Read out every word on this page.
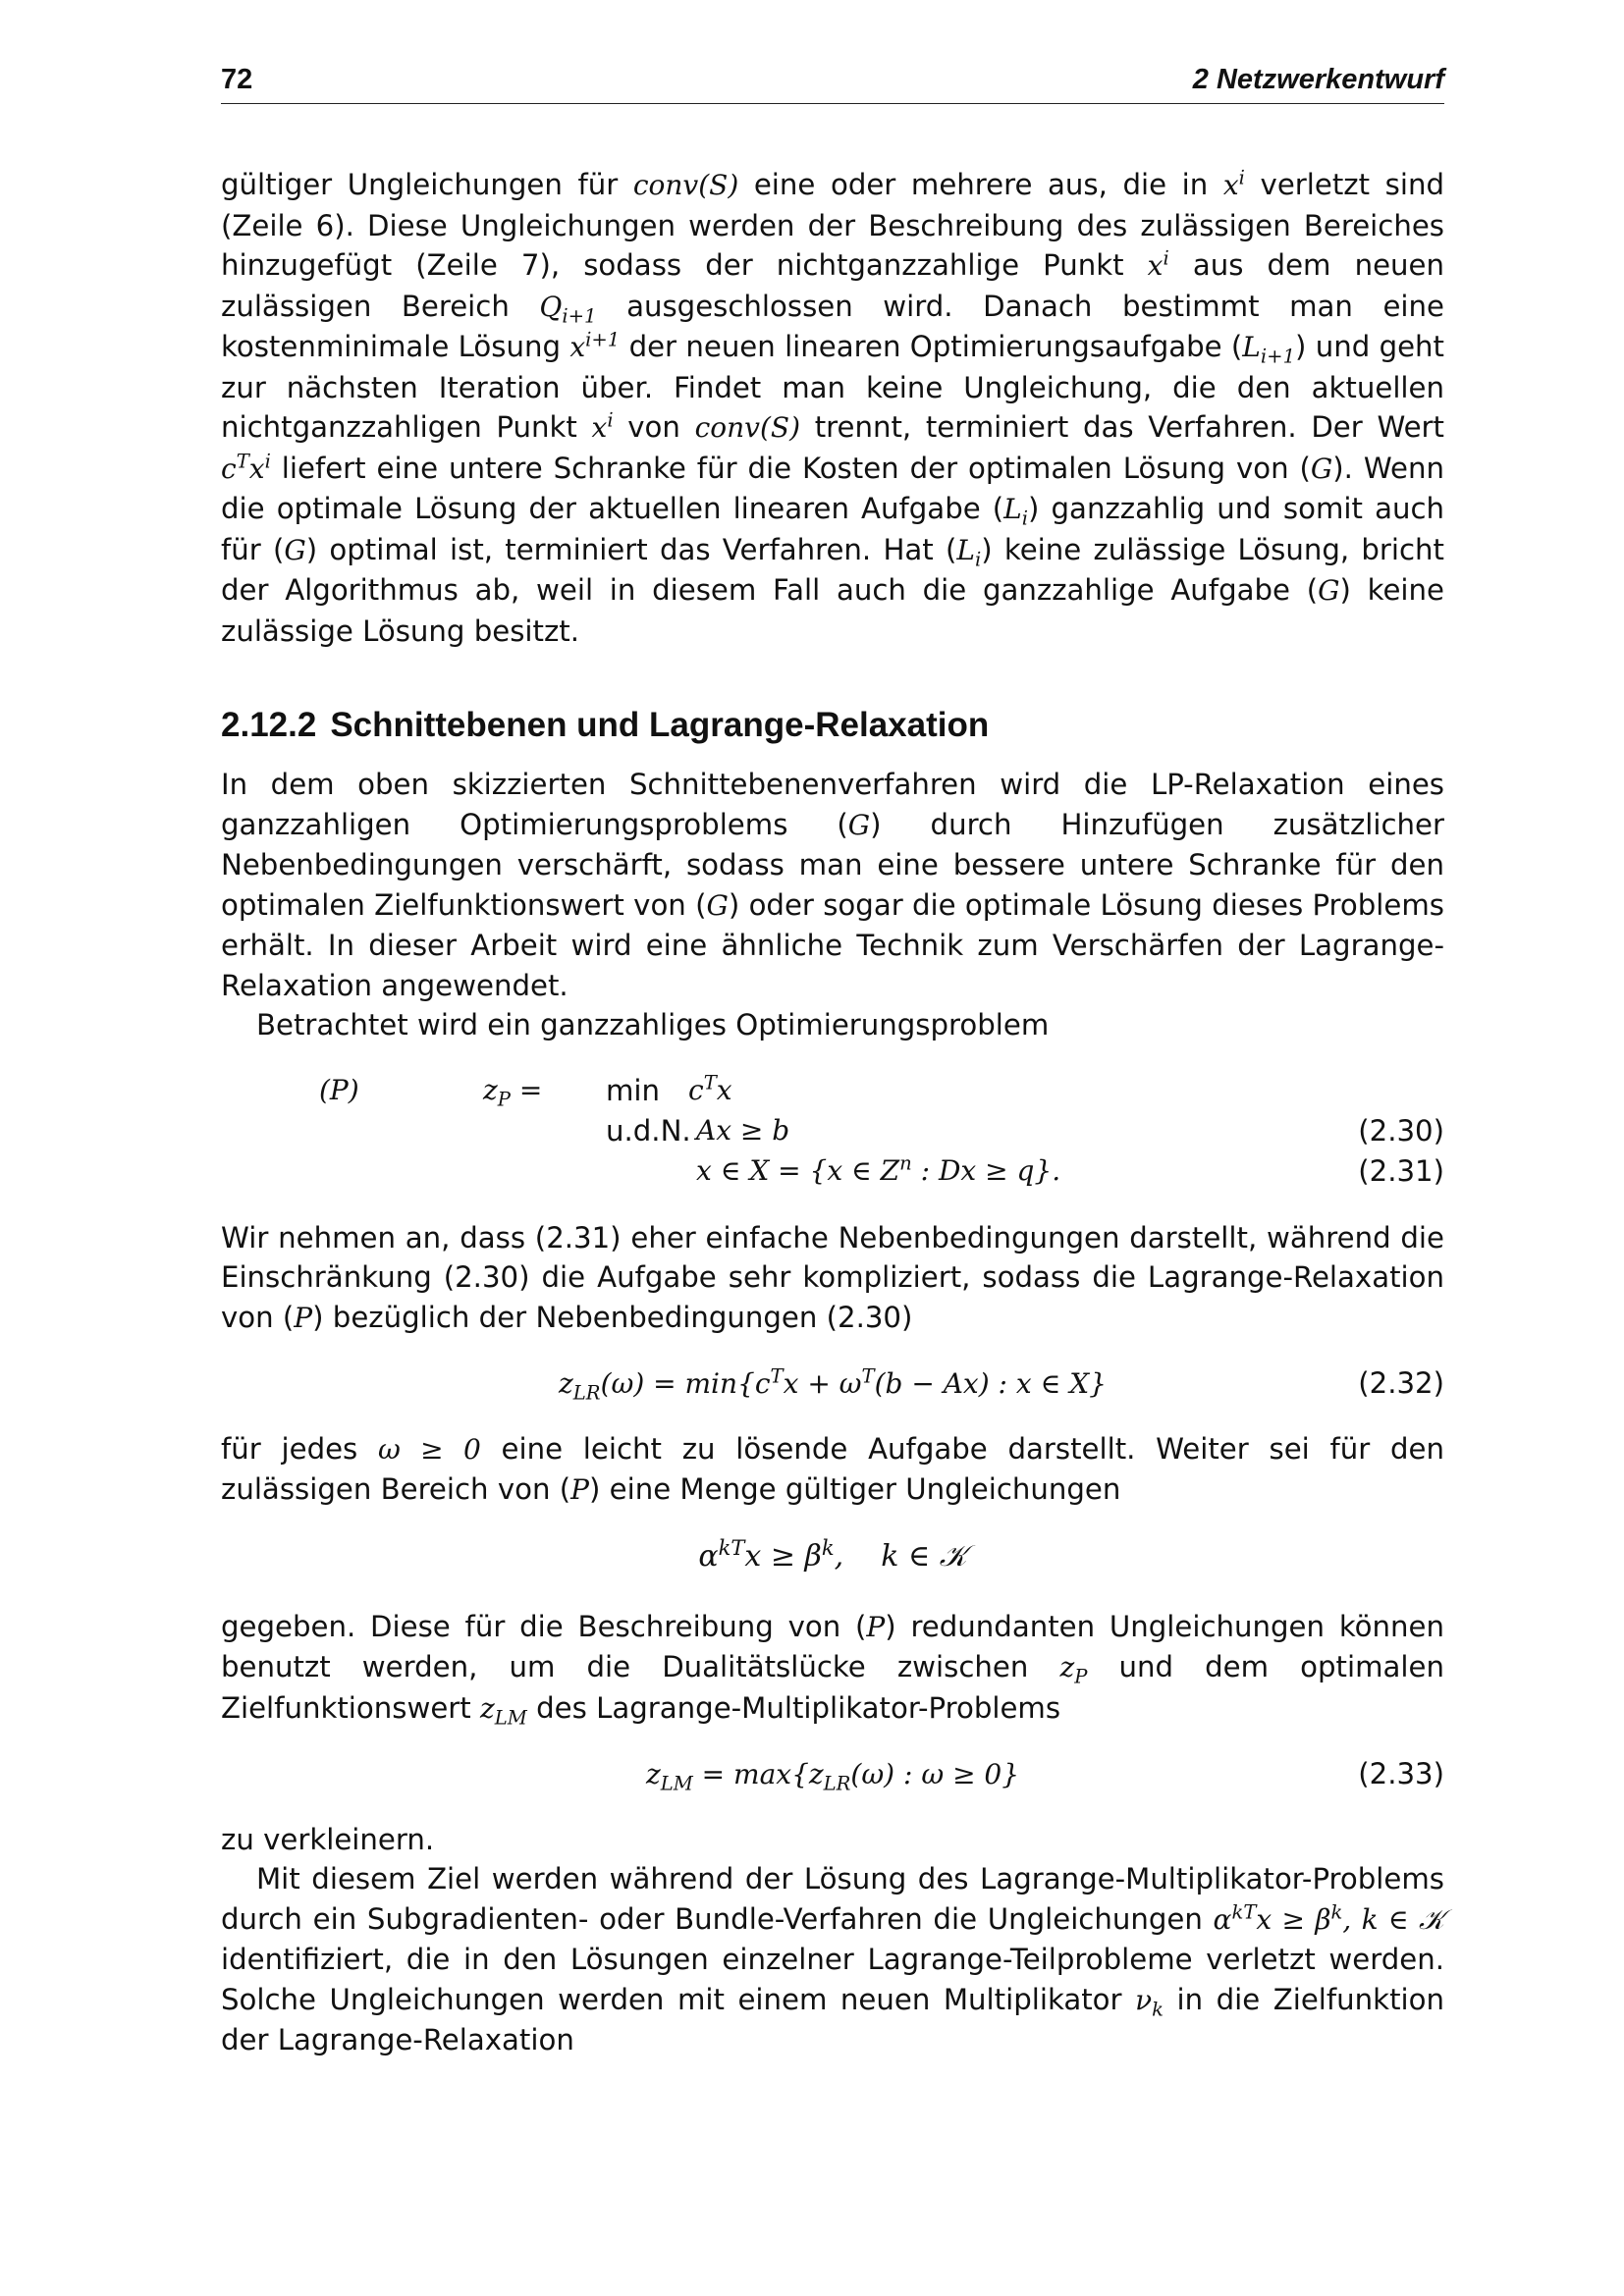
72	2 Netzwerkentwurf

gültiger Ungleichungen für conv(S) eine oder mehrere aus, die in $x^i$ verletzt sind (Zeile 6). Diese Ungleichungen werden der Beschreibung des zulässigen Bereiches hinzugefügt (Zeile 7), sodass der nichtganzzahlige Punkt $x^i$ aus dem neuen zulässigen Bereich $Q_{i+1}$ ausgeschlossen wird. Danach bestimmt man eine kostenminimale Lösung $x^{i+1}$ der neuen linearen Optimierungsaufgabe $(L_{i+1})$ und geht zur nächsten Iteration über. Findet man keine Ungleichung, die den aktuellen nichtganzzahligen Punkt $x^i$ von conv(S) trennt, terminiert das Verfahren. Der Wert $c^Tx^i$ liefert eine untere Schranke für die Kosten der optimalen Lösung von (G). Wenn die optimale Lösung der aktuellen linearen Aufgabe $(L_i)$ ganzzahlig und somit auch für (G) optimal ist, terminiert das Verfahren. Hat $(L_i)$ keine zulässige Lösung, bricht der Algorithmus ab, weil in diesem Fall auch die ganzzahlige Aufgabe (G) keine zulässige Lösung besitzt.

2.12.2 Schnittebenen und Lagrange-Relaxation

In dem oben skizzierten Schnittebenenverfahren wird die LP-Relaxation eines ganzzahligen Optimierungsproblems (G) durch Hinzufügen zusätzlicher Nebenbedingungen verschärft, sodass man eine bessere untere Schranke für den optimalen Zielfunktionswert von (G) oder sogar die optimale Lösung dieses Problems erhält. In dieser Arbeit wird eine ähnliche Technik zum Verschärfen der Lagrange-Relaxation angewendet.

Betrachtet wird ein ganzzahliges Optimierungsproblem

(P)	$z_P = \min c^Tx$
u.d.N. Ax ≥ b	(2.30)
x ∈ X = {x ∈ $Z^n$ : Dx ≥ q}.	(2.31)

Wir nehmen an, dass (2.31) eher einfache Nebenbedingungen darstellt, während die Einschränkung (2.30) die Aufgabe sehr kompliziert, sodass die Lagrange-Relaxation von (P) bezüglich der Nebenbedingungen (2.30)

$z_{LR}(\omega) = \min\{c^Tx + \omega^T(b - Ax)$ : x ∈ X}	(2.32)

für jedes ω ≥ 0 eine leicht zu lösende Aufgabe darstellt. Weiter sei für den zulässigen Bereich von (P) eine Menge gültiger Ungleichungen

$\alpha^{kT}x \ge \beta^k$,    k ∈ 𝒦

gegeben. Diese für die Beschreibung von (P) redundanten Ungleichungen können benutzt werden, um die Dualitätslücke zwischen $z_P$ und dem optimalen Zielfunktionswert $z_{LM}$ des Lagrange-Multiplikator-Problems

$z_{LM} = \max\{z_{LR}(\omega)$ : ω ≥ 0}	(2.33)

zu verkleinern.

Mit diesem Ziel werden während der Lösung des Lagrange-Multiplikator-Problems durch ein Subgradienten- oder Bundle-Verfahren die Ungleichungen $\alpha^{kT}x \ge \beta^k$, k ∈ 𝒦 identifiziert, die in den Lösungen einzelner Lagrange-Teilprobleme verletzt werden. Solche Ungleichungen werden mit einem neuen Multiplikator $\nu_k$ in die Zielfunktion der Lagrange-Relaxation
